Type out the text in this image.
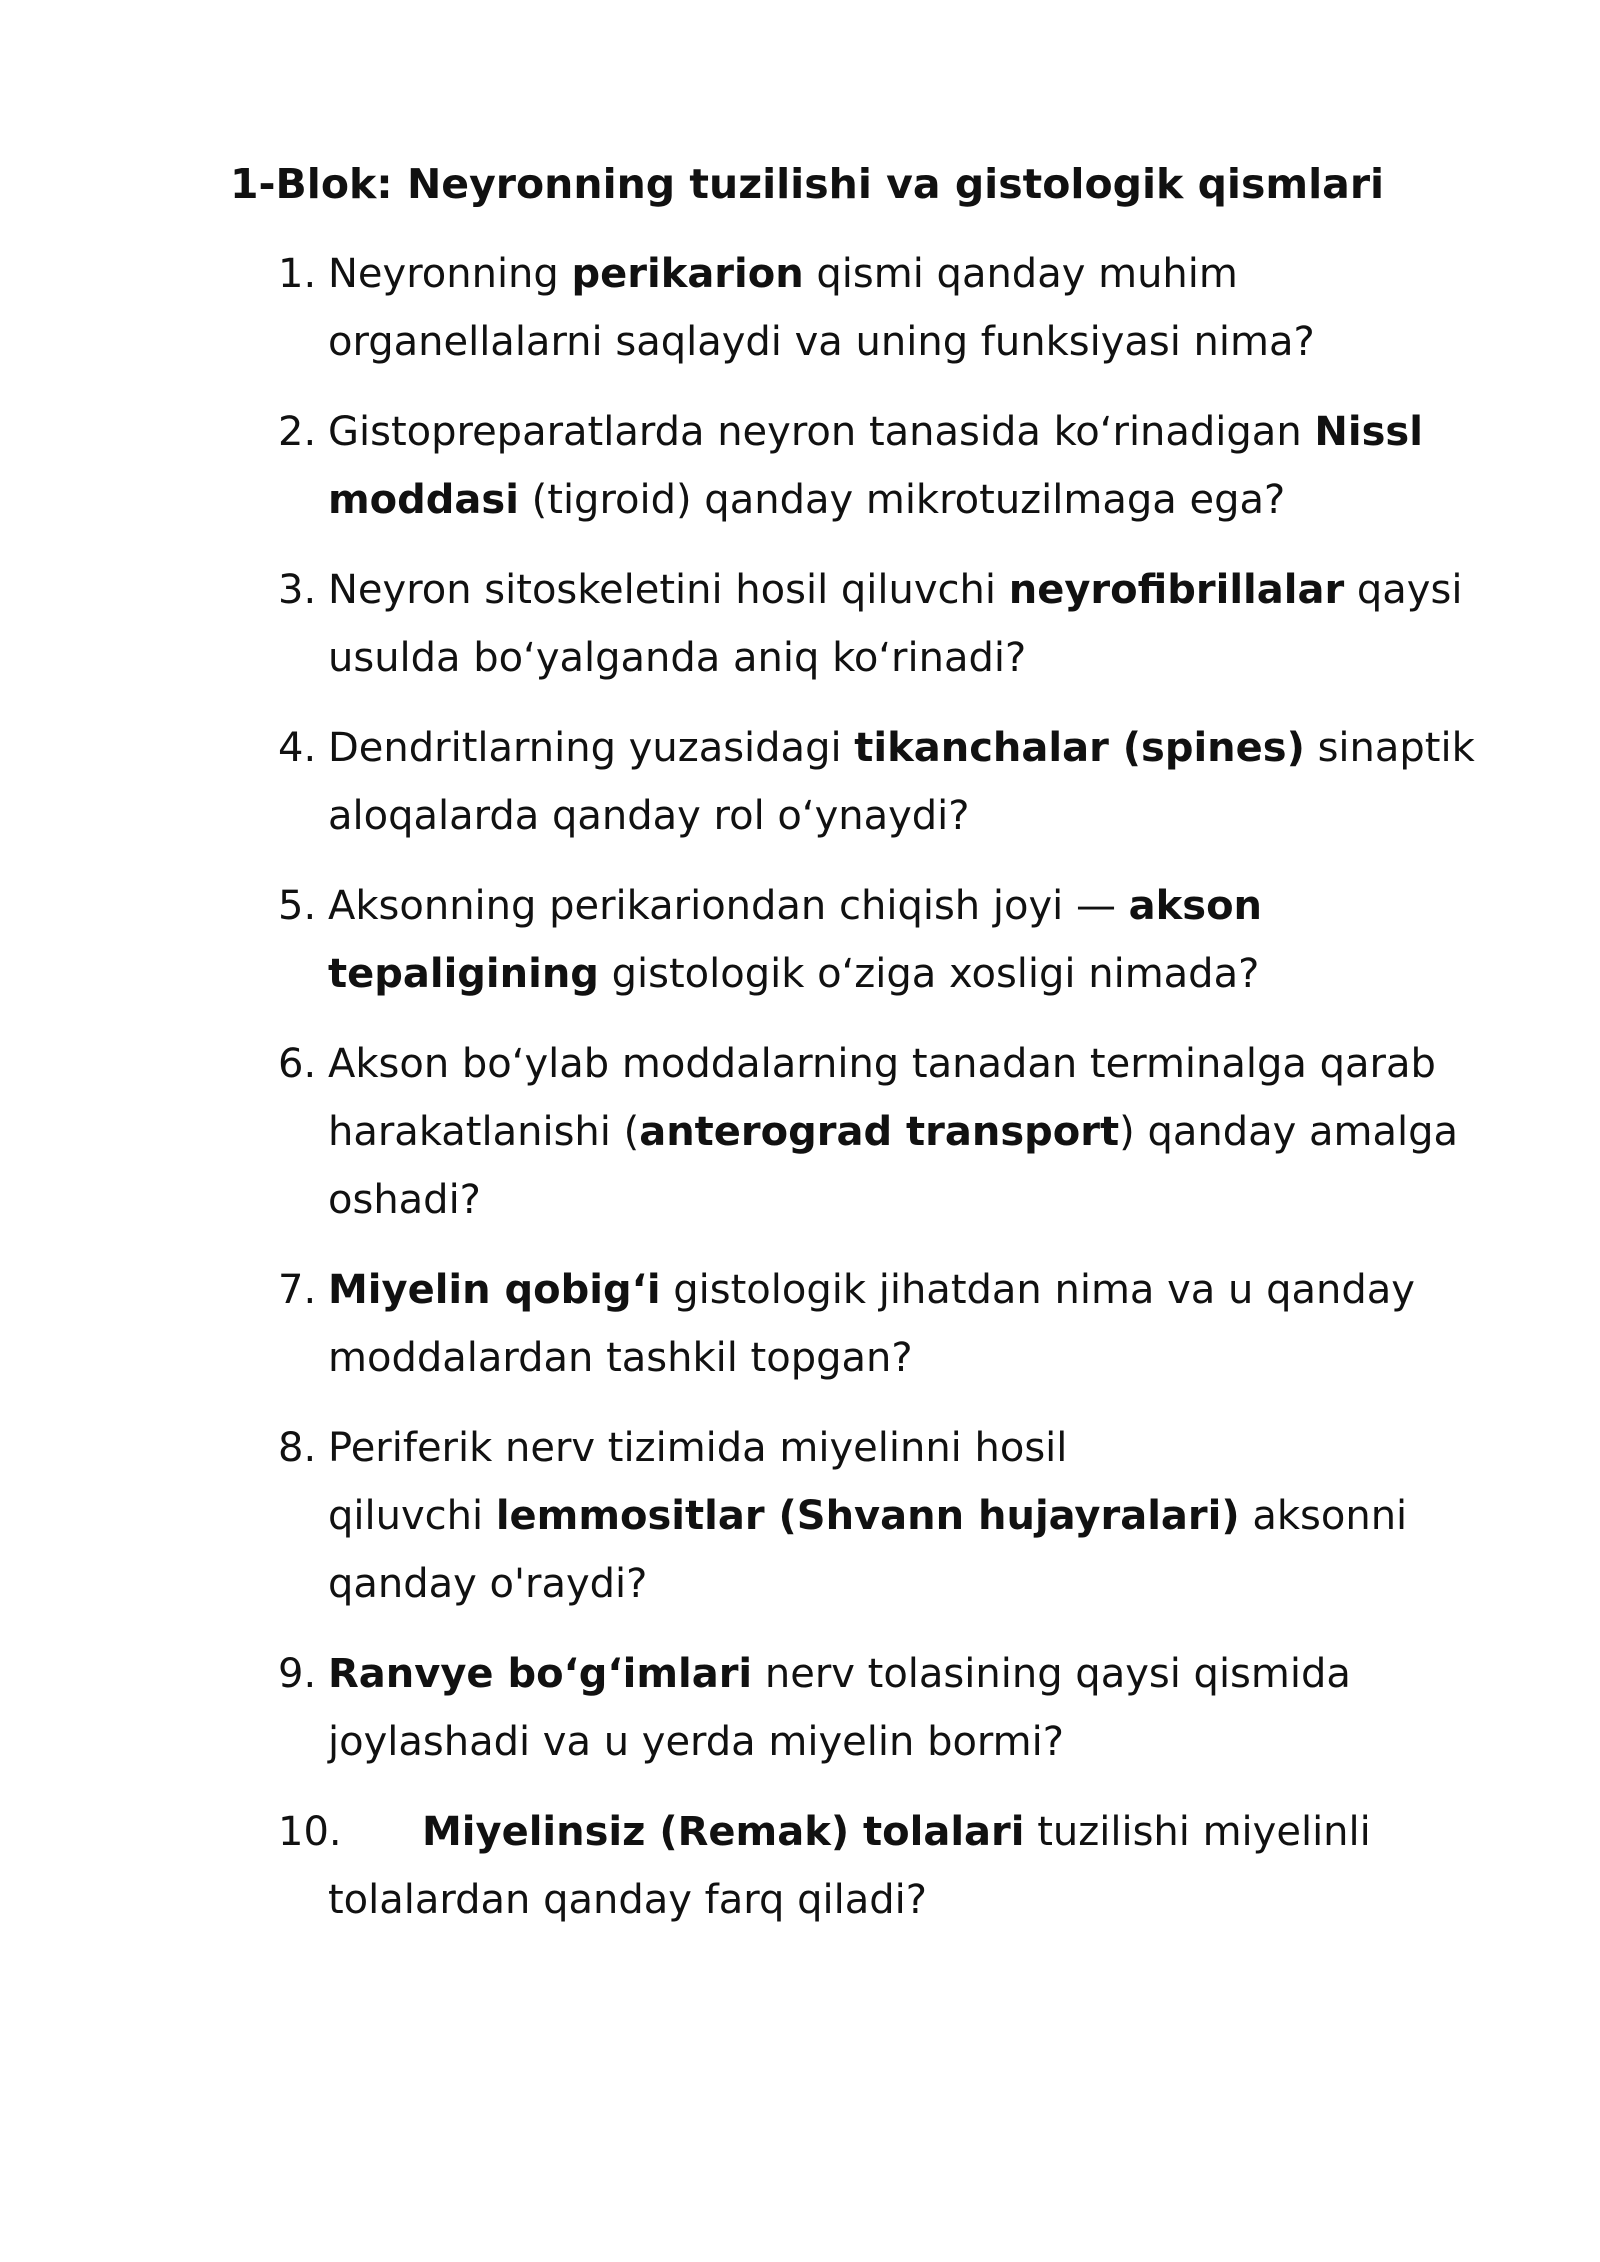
1-Blok: Neyronning tuzilishi va gistologik qismlari
1. Neyronning perikarion qismi qanday muhim
organellalarni saqlaydi va uning funksiyasi nima?
2. Gistopreparatlarda neyron tanasida ko‘rinadigan Nissl
moddasi (tigroid) qanday mikrotuzilmaga ega?
3. Neyron sitoskeletini hosil qiluvchi neyrofibrillalar qaysi
usulda bo‘yalganda aniq ko‘rinadi?
4. Dendritlarning yuzasidagi tikanchalar (spines) sinaptik
aloqalarda qanday rol o‘ynaydi?
5. Aksonning perikariondan chiqish joyi — akson
tepaligining gistologik o‘ziga xosligi nimada?
6. Akson bo‘ylab moddalarning tanadan terminalga qarab
harakatlanishi (anterograd transport) qanday amalga
oshadi?
7. Miyelin qobig‘i gistologik jihatdan nima va u qanday
moddalardan tashkil topgan?
8. Periferik nerv tizimida miyelinni hosil
qiluvchi lemmositlar (Shvann hujayralari) aksonni
qanday o'raydi?
9. Ranvye bo‘g‘imlari nerv tolasining qaysi qismida
joylashadi va u yerda miyelin bormi?
10.	Miyelinsiz (Remak) tolalari tuzilishi miyelinli
tolalardan qanday farq qiladi?
